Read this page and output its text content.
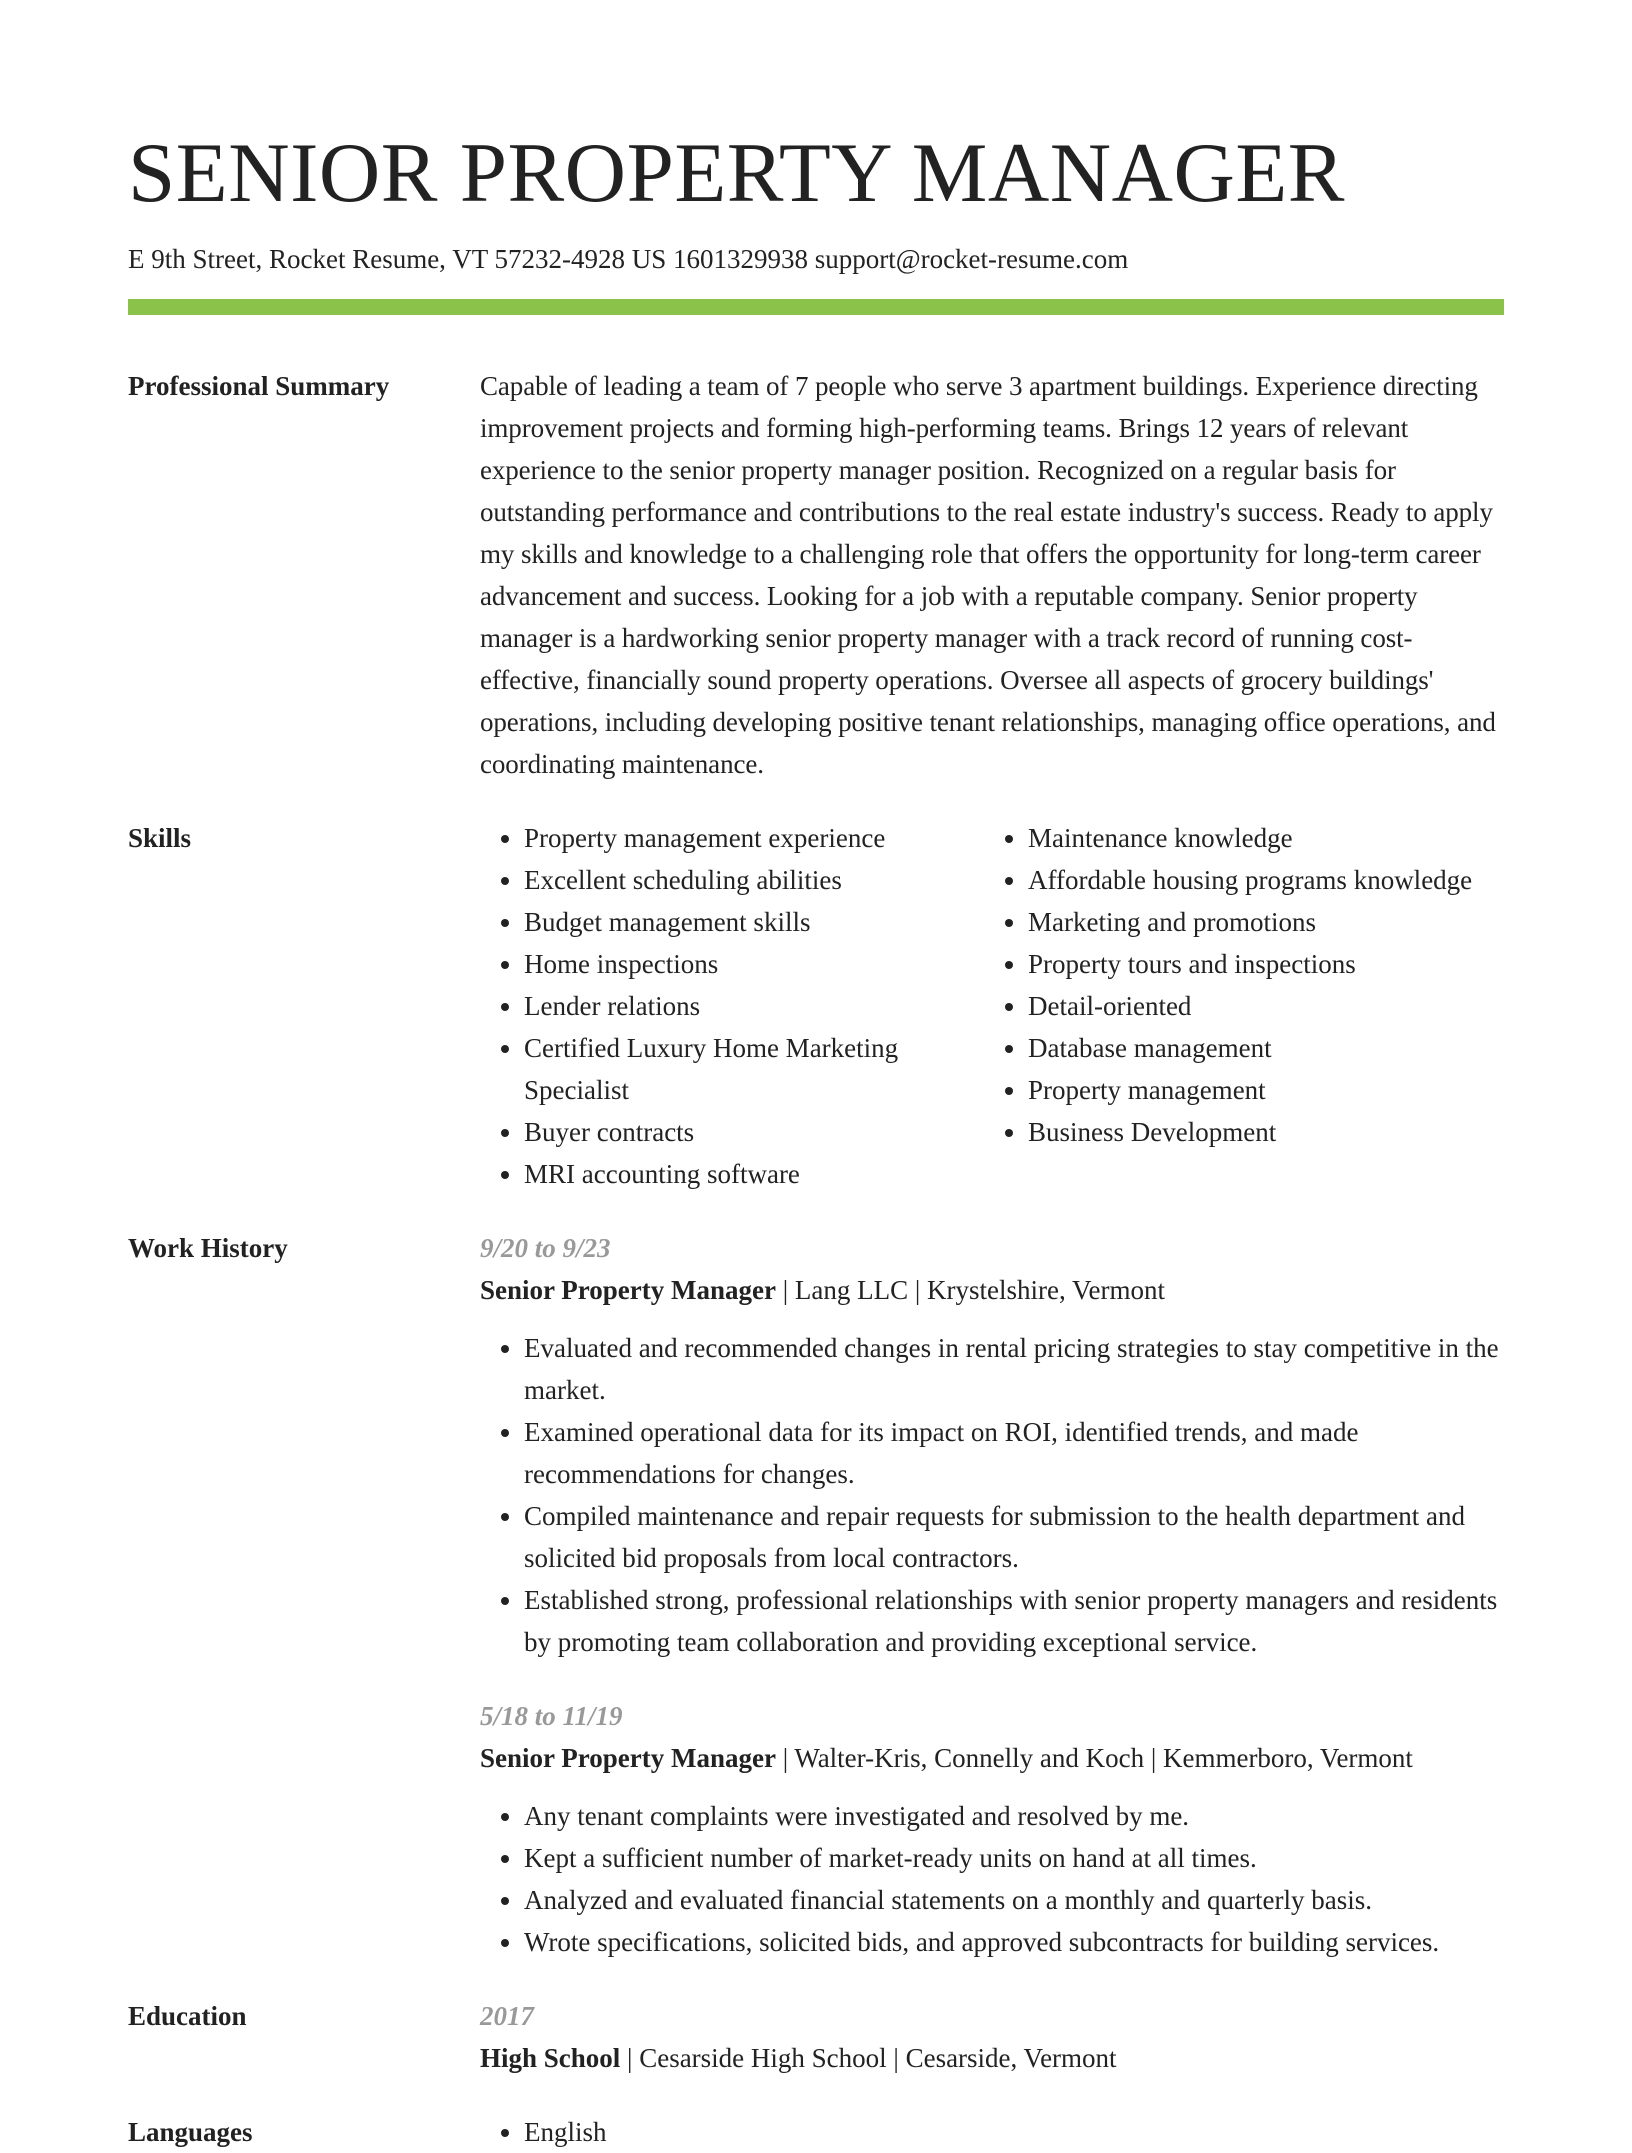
SENIOR PROPERTY MANAGER
E 9th Street, Rocket Resume, VT 57232-4928 US 1601329938 support@rocket-resume.com
Professional Summary	Capable of leading a team of 7 people who serve 3 apartment buildings. Experience directing improvement projects and forming high-performing teams. Brings 12 years of relevant experience to the senior property manager position. Recognized on a regular basis for outstanding performance and contributions to the real estate industry's success. Ready to apply my skills and knowledge to a challenging role that offers the opportunity for long-term career advancement and success. Looking for a job with a reputable company. Senior property manager is a hardworking senior property manager with a track record of running cost-effective, financially sound property operations. Oversee all aspects of grocery buildings' operations, including developing positive tenant relationships, managing office operations, and coordinating maintenance.

Skills	• Property management experience
• Excellent scheduling abilities
• Budget management skills
• Home inspections
• Lender relations
• Certified Luxury Home Marketing Specialist
• Buyer contracts
• MRI accounting software
• Maintenance knowledge
• Affordable housing programs knowledge
• Marketing and promotions
• Property tours and inspections
• Detail-oriented
• Database management
• Property management
• Business Development
Work History	9/20 to 9/23
Senior Property Manager | Lang LLC | Krystelshire, Vermont
• Evaluated and recommended changes in rental pricing strategies to stay competitive in the market.
• Examined operational data for its impact on ROI, identified trends, and made recommendations for changes.
• Compiled maintenance and repair requests for submission to the health department and solicited bid proposals from local contractors.
• Established strong, professional relationships with senior property managers and residents by promoting team collaboration and providing exceptional service.
5/18 to 11/19
Senior Property Manager | Walter-Kris, Connelly and Koch | Kemmerboro, Vermont
• Any tenant complaints were investigated and resolved by me.
• Kept a sufficient number of market-ready units on hand at all times.
• Analyzed and evaluated financial statements on a monthly and quarterly basis.
• Wrote specifications, solicited bids, and approved subcontracts for building services.
Education	2017
High School | Cesarside High School | Cesarside, Vermont
Languages	• English
